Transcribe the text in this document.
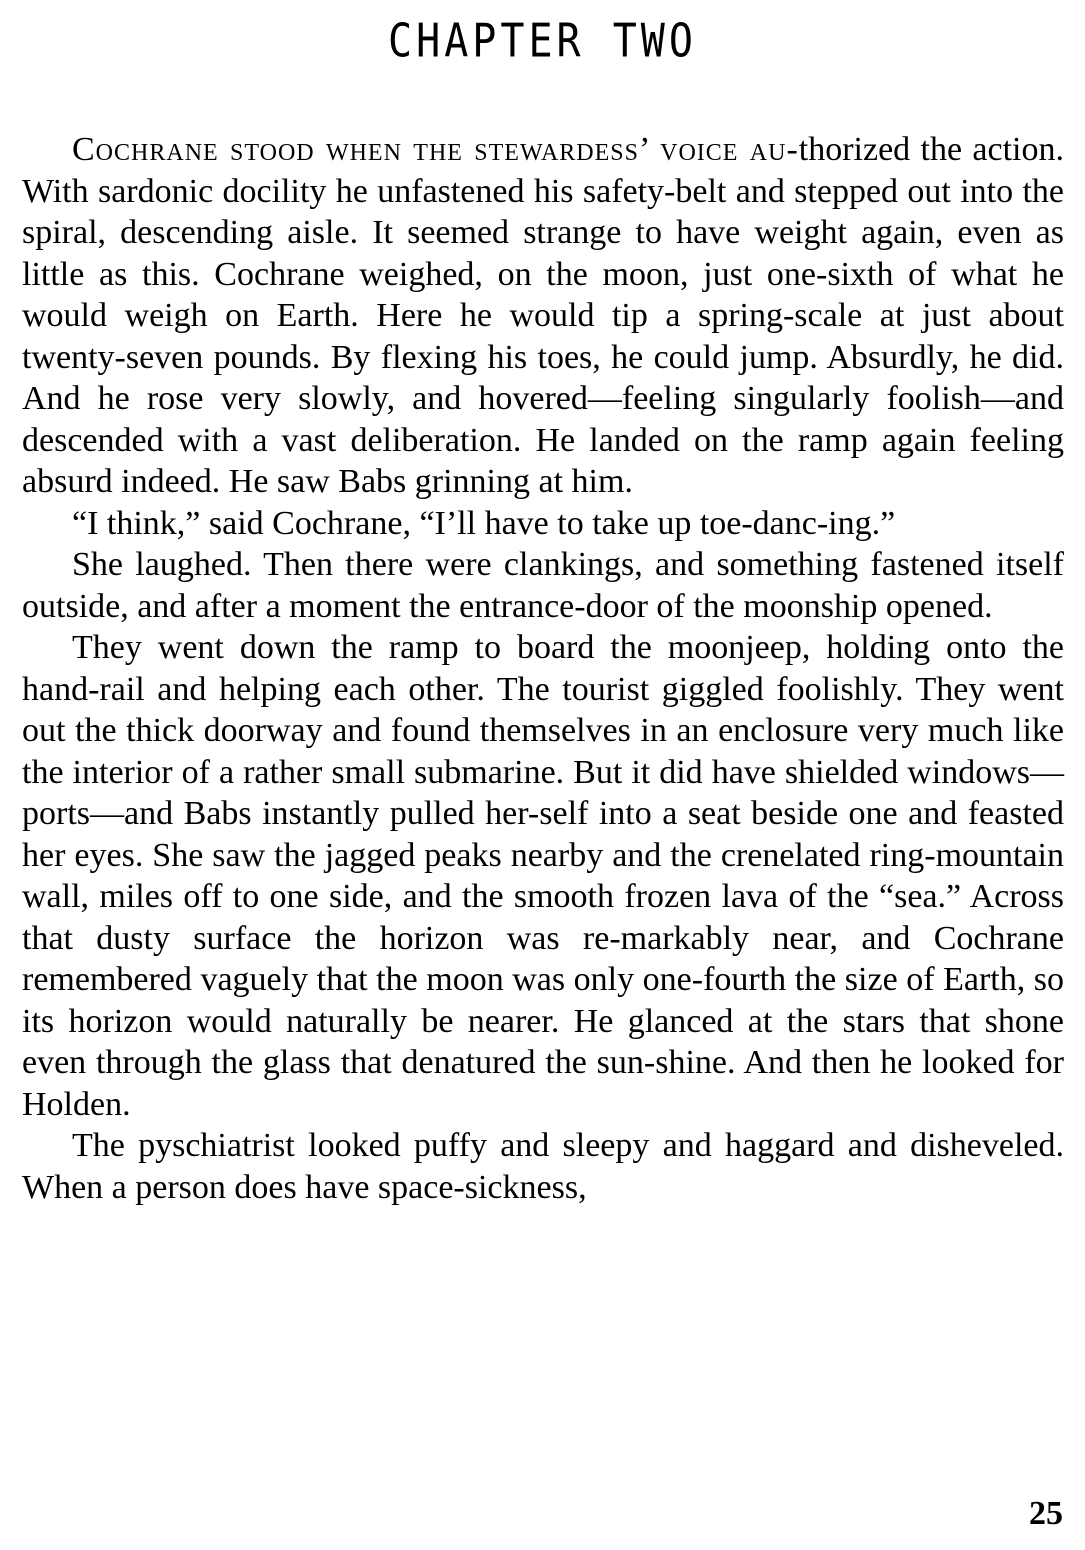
CHAPTER TWO

Cochrane stood when the stewardess’ voice au-thorized the action. With sardonic docility he unfastened his safety-belt and stepped out into the spiral, descending aisle. It seemed strange to have weight again, even as little as this. Cochrane weighed, on the moon, just one-sixth of what he would weigh on Earth. Here he would tip a spring-scale at just about twenty-seven pounds. By flexing his toes, he could jump. Absurdly, he did. And he rose very slowly, and hovered—feeling singularly foolish—and descended with a vast deliberation. He landed on the ramp again feeling absurd indeed. He saw Babs grinning at him.

“I think,” said Cochrane, “I’ll have to take up toe-danc-ing.”

She laughed. Then there were clankings, and something fastened itself outside, and after a moment the entrance-door of the moonship opened.

They went down the ramp to board the moonjeep, holding onto the hand-rail and helping each other. The tourist giggled foolishly. They went out the thick doorway and found themselves in an enclosure very much like the interior of a rather small submarine. But it did have shielded windows—ports—and Babs instantly pulled her-self into a seat beside one and feasted her eyes. She saw the jagged peaks nearby and the crenelated ring-mountain wall, miles off to one side, and the smooth frozen lava of the “sea.” Across that dusty surface the horizon was re-markably near, and Cochrane remembered vaguely that the moon was only one-fourth the size of Earth, so its horizon would naturally be nearer. He glanced at the stars that shone even through the glass that denatured the sun-shine. And then he looked for Holden.

The pyschiatrist looked puffy and sleepy and haggard and disheveled. When a person does have space-sickness,

25
